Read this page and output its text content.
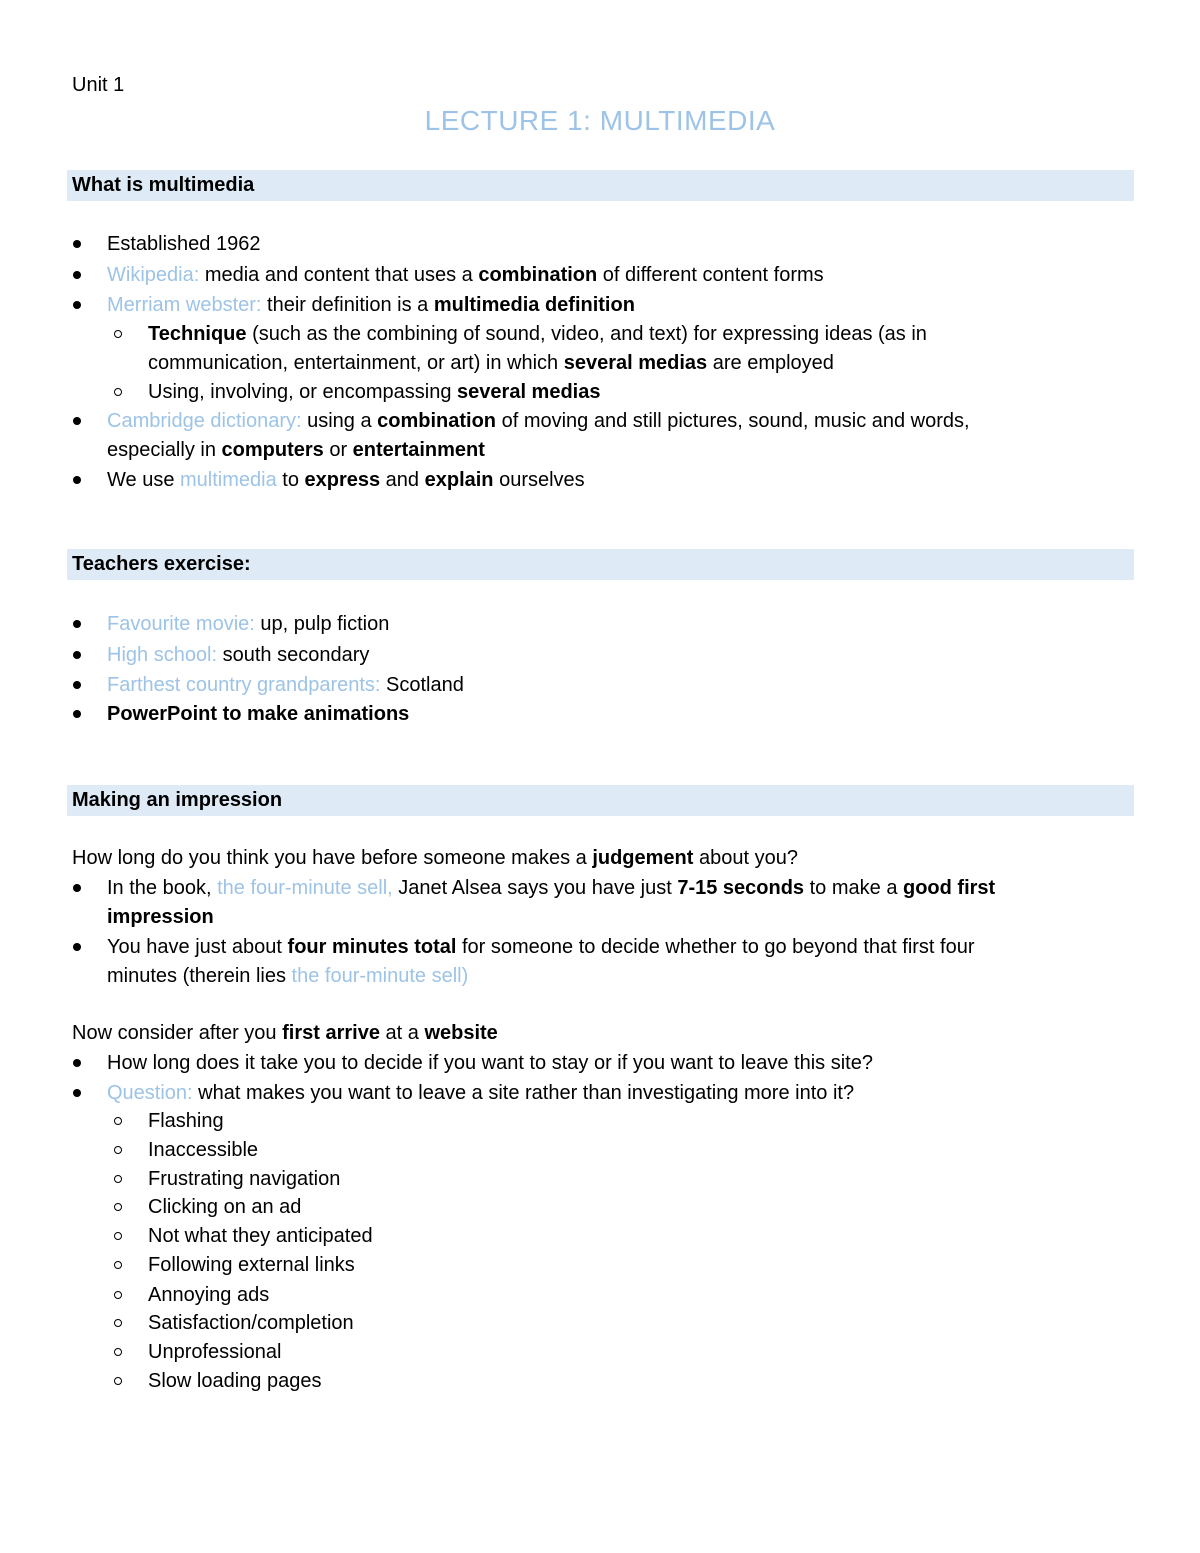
Unit 1
LECTURE 1: MULTIMEDIA
What is multimedia
Established 1962
Wikipedia: media and content that uses a combination of different content forms
Merriam webster: their definition is a multimedia definition
Technique (such as the combining of sound, video, and text) for expressing ideas (as in
communication, entertainment, or art) in which several medias are employed
Using, involving, or encompassing several medias
Cambridge dictionary: using a combination of moving and still pictures, sound, music and words,
especially in computers or entertainment
We use multimedia to express and explain ourselves
Teachers exercise:
Favourite movie: up, pulp fiction
High school: south secondary
Farthest country grandparents: Scotland
PowerPoint to make animations
Making an impression
How long do you think you have before someone makes a judgement about you?
In the book, the four-minute sell, Janet Alsea says you have just 7-15 seconds to make a good first
impression
You have just about four minutes total for someone to decide whether to go beyond that first four
minutes (therein lies the four-minute sell)
Now consider after you first arrive at a website
How long does it take you to decide if you want to stay or if you want to leave this site?
Question: what makes you want to leave a site rather than investigating more into it?
Flashing
Inaccessible
Frustrating navigation
Clicking on an ad
Not what they anticipated
Following external links
Annoying ads
Satisfaction/completion
Unprofessional
Slow loading pages
